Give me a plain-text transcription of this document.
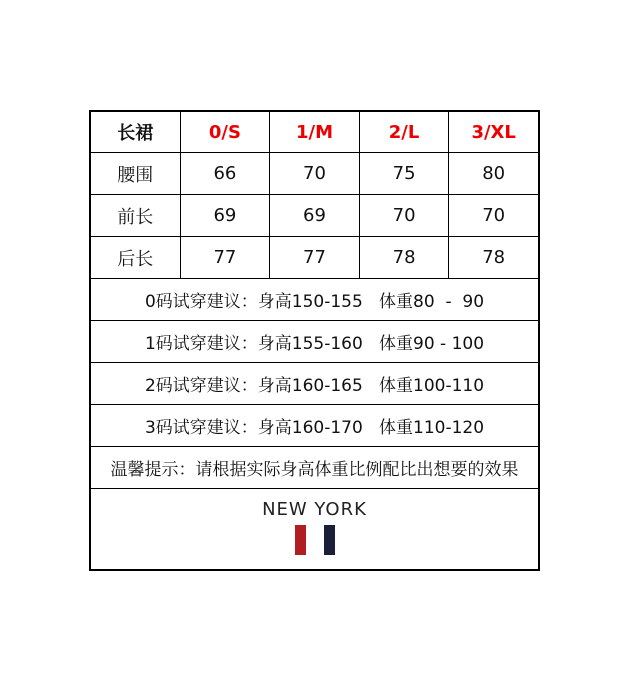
长裙	0/S	1/M	2/L	3/XL
腰围	66	70	75	80
前长	69	69	70	70
后长	77	77	78	78
0码试穿建议：身高150-155   体重80  -  90
1码试穿建议：身高155-160   体重90 - 100
2码试穿建议：身高160-165   体重100-110
3码试穿建议：身高160-170   体重110-120
温馨提示：请根据实际身高体重比例配比出想要的效果
NEW YORK
